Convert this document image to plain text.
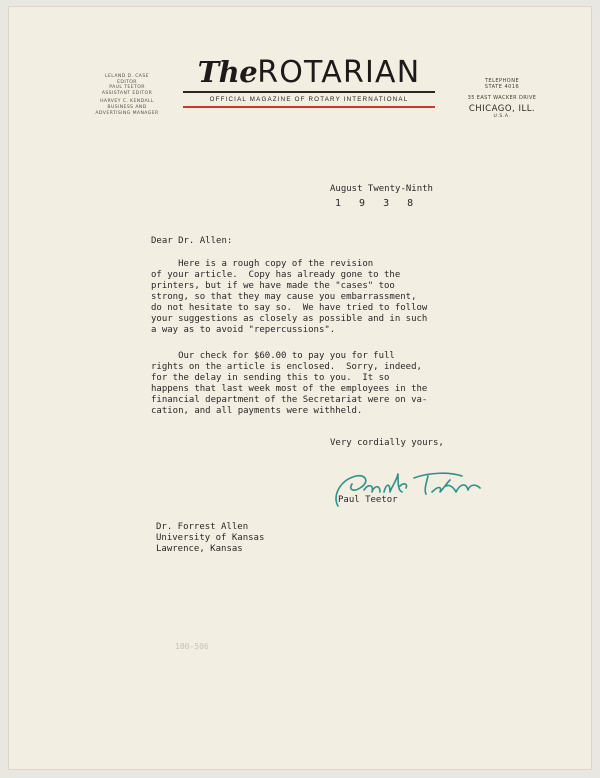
LELAND D. CASE
EDITOR
PAUL TEETOR
ASSISTANT EDITOR
HARVEY C. KENDALL
BUSINESS AND
ADVERTISING MANAGER
TheROTARIAN
OFFICIAL MAGAZINE OF ROTARY INTERNATIONAL
TELEPHONE
STATE 4016
35 EAST WACKER DRIVE
CHICAGO, ILL.
U.S.A.
August Twenty-Ninth
1  9  3  8
Dear Dr. Allen:
Here is a rough copy of the revision
of your article.  Copy has already gone to the
printers, but if we have made the "cases" too
strong, so that they may cause you embarrassment,
do not hesitate to say so.  We have tried to follow
your suggestions as closely as possible and in such
a way as to avoid "repercussions".
Our check for $60.00 to pay you for full
rights on the article is enclosed.  Sorry, indeed,
for the delay in sending this to you.  It so
happens that last week most of the employees in the
financial department of the Secretariat were on va-
cation, and all payments were withheld.
Very cordially yours,
Paul Teetor
Dr. Forrest Allen
University of Kansas
Lawrence, Kansas
100-506
